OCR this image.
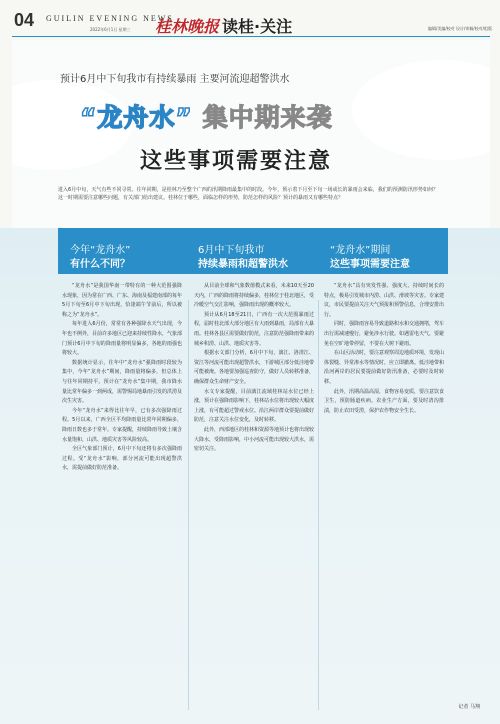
04 GUILIN EVENING NEWS
2022年6月1日 星期三 桂林晚报 读桂·关注	编辑/美编/校对 设计/审稿/校对/组版
预计6月中下旬我市有持续暴雨 主要河流迎超警洪水
“龙舟水” 集中期来袭
这些事项需要注意
进入6月中旬，天气有些不同寻常。往年同期，是桂林乃至整个广西的汛期降雨最集中的时段。今年，预示着下月至下旬一场或长的暴雨会来临，我们的预测防汛形势如何？这一时期需要注意哪些问题，有关部门给出建议。桂林位于哪些，面临怎样的形势，防范怎样的风险？预计的暴雨又有哪些特点？
今年“龙舟水”
有什么不同？
6月中下旬我市
持续暴雨和超警洪水
“龙舟水”期间
这些事项需要注意

“龙舟水”是我国华南一带特有的一种大范围强降水现象，因为常在广西、广东、海南及福建南部的每年5月下旬至6月中下旬出现，恰逢端午节前后，所以被称之为“龙舟水”。

每年进入6月份，常常有各种强降水天气出现，今年也不例外，目前许多地区已迎来持续性降水，气象部门预计6月中下旬的降雨量将明显偏多，各地的雨强也将较大。

数据统计显示，往年中“龙舟水”强降雨时段较为集中，今年“龙舟水”期间，降雨量将偏多，但总体上与往年同期持平。预计在“龙舟水”集中期，我市降水量比常年偏多一到两成，需警惕局地暴雨引发的洪涝及次生灾害。

今年“龙舟水”来得比往年早，已有多次强降雨过程。5月以来，广西全区平均降雨量比常年同期偏多，降雨日数也多于常年。专家提醒，持续降雨导致土壤含水量饱和，山洪、地质灾害等风险较高。

全区气象部门预计，6月中下旬还将有多次强降雨过程。受“龙舟水”影响，部分河流可能出现超警洪水，需提前做好防范准备。

从目前全球和气象数值模式来看，未来10天至20天内，广西的降雨将持续偏多，桂林位于桂北地区，受冷暖空气交汇影响，强降雨出现的概率较大。

预计从6月18至21日，广西有一次大范围暴雨过程，届时桂北部大部分地区有大雨到暴雨，局部有大暴雨。桂林各县区需要做好防范，注意防范强降雨带来的城乡积涝、山洪、地质灾害等。

根据水文部门分析，6月中下旬，漓江、洛清江、资江等河流可能出现超警洪水，下游城区部分低洼地带可能被淹。各地要加强巡查防守，做好人员转移准备，确保群众生命财产安全。

水文专家提醒，目前漓江流域桂林站水位已经上涨，预计在强降雨影响下，桂林站水位将出现较大幅度上涨，有可能超过警戒水位。沿江两岸群众要提前做好防范，注意关注水位变化，及时转移。

此外，西部地区的桂林和资源等地预计也将出现较大降水，受降雨影响，中小河流可能出现较大洪水，需密切关注。

“龙舟水”具有突发性强、强度大、持续时间长的特点，极易引发城市内涝、山洪、滑坡等灾害。专家建议，市民要提前关注天气预报和预警信息，合理安排出行。

同时，强降雨容易导致道路积水和交通拥堵，驾车出行需减速慢行，避免涉水行驶。如遇雷电天气，要避免在空旷地带停留，不要在大树下避雨。

在山区活动时，要注意观察周边地质环境，发现山体裂缝、异常渗水等情况时，应立即撤离。低洼地带和沿河两岸的居民要提前做好防汛准备，必要时及时转移。

此外，汛期高温高湿，食物容易变质，要注意饮食卫生，预防肠道疾病。农业生产方面，要及时清沟排渍，防止农田受涝，保护农作物安全生长。

记者 马翔
